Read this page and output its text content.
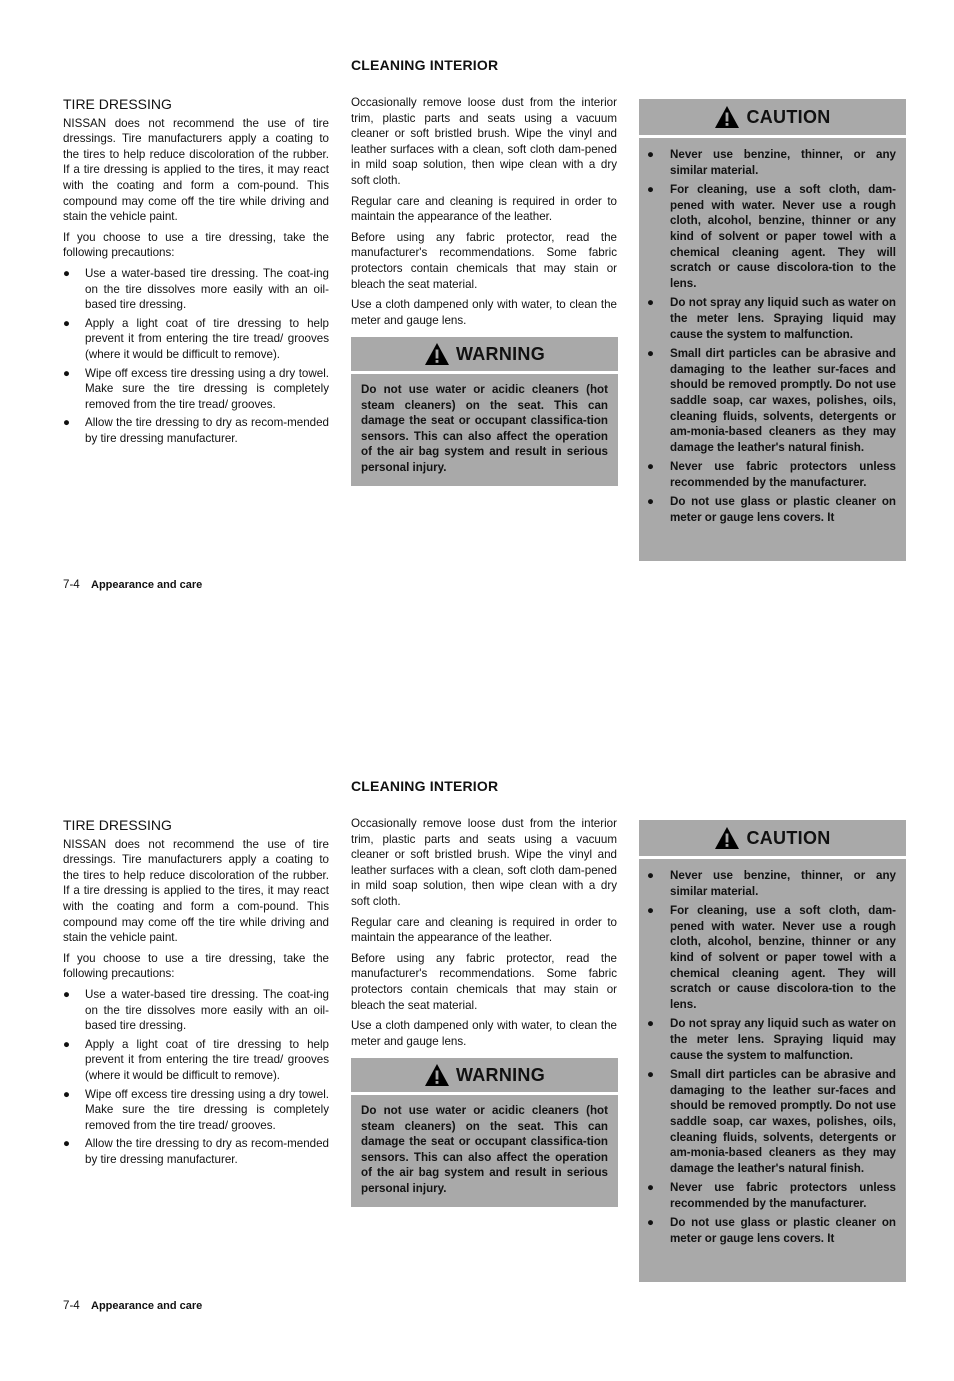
CLEANING INTERIOR
TIRE DRESSING

NISSAN does not recommend the use of tire dressings. Tire manufacturers apply a coating to the tires to help reduce discoloration of the rubber. If a tire dressing is applied to the tires, it may react with the coating and form a com-pound. This compound may come off the tire while driving and stain the vehicle paint.

If you choose to use a tire dressing, take the following precautions:

● Use a water-based tire dressing. The coat-ing on the tire dissolves more easily with an oil-based tire dressing.
● Apply a light coat of tire dressing to help prevent it from entering the tire tread/ grooves (where it would be difficult to remove).
● Wipe off excess tire dressing using a dry towel. Make sure the tire dressing is completely removed from the tire tread/ grooves.
● Allow the tire dressing to dry as recom-mended by tire dressing manufacturer.

Occasionally remove loose dust from the interior trim, plastic parts and seats using a vacuum cleaner or soft bristled brush. Wipe the vinyl and leather surfaces with a clean, soft cloth dam-pened in mild soap solution, then wipe clean with a dry soft cloth.

Regular care and cleaning is required in order to maintain the appearance of the leather.

Before using any fabric protector, read the manufacturer's recommendations. Some fabric protectors contain chemicals that may stain or bleach the seat material.

Use a cloth dampened only with water, to clean the meter and gauge lens.

WARNING
Do not use water or acidic cleaners (hot steam cleaners) on the seat. This can damage the seat or occupant classifica-tion sensors. This can also affect the operation of the air bag system and result in serious personal injury.
CAUTION
● Never use benzine, thinner, or any similar material.
● For cleaning, use a soft cloth, dam-pened with water. Never use a rough cloth, alcohol, benzine, thinner or any kind of solvent or paper towel with a chemical cleaning agent. They will scratch or cause discolora-tion to the lens.
● Do not spray any liquid such as water on the meter lens. Spraying liquid may cause the system to malfunction.
● Small dirt particles can be abrasive and damaging to the leather sur-faces and should be removed promptly. Do not use saddle soap, car waxes, polishes, oils, cleaning fluids, solvents, detergents or am-monia-based cleaners as they may damage the leather's natural finish.
● Never use fabric protectors unless recommended by the manufacturer.
● Do not use glass or plastic cleaner on meter or gauge lens covers. It
7-4 Appearance and care
CLEANING INTERIOR
TIRE DRESSING

NISSAN does not recommend the use of tire dressings. Tire manufacturers apply a coating to the tires to help reduce discoloration of the rubber. If a tire dressing is applied to the tires, it may react with the coating and form a com-pound. This compound may come off the tire while driving and stain the vehicle paint.

If you choose to use a tire dressing, take the following precautions:

● Use a water-based tire dressing. The coat-ing on the tire dissolves more easily with an oil-based tire dressing.
● Apply a light coat of tire dressing to help prevent it from entering the tire tread/ grooves (where it would be difficult to remove).
● Wipe off excess tire dressing using a dry towel. Make sure the tire dressing is completely removed from the tire tread/ grooves.
● Allow the tire dressing to dry as recom-mended by tire dressing manufacturer.

Occasionally remove loose dust from the interior trim, plastic parts and seats using a vacuum cleaner or soft bristled brush. Wipe the vinyl and leather surfaces with a clean, soft cloth dam-pened in mild soap solution, then wipe clean with a dry soft cloth.

Regular care and cleaning is required in order to maintain the appearance of the leather.

Before using any fabric protector, read the manufacturer's recommendations. Some fabric protectors contain chemicals that may stain or bleach the seat material.

Use a cloth dampened only with water, to clean the meter and gauge lens.

WARNING
Do not use water or acidic cleaners (hot steam cleaners) on the seat. This can damage the seat or occupant classifica-tion sensors. This can also affect the operation of the air bag system and result in serious personal injury.
CAUTION
● Never use benzine, thinner, or any similar material.
● For cleaning, use a soft cloth, dam-pened with water. Never use a rough cloth, alcohol, benzine, thinner or any kind of solvent or paper towel with a chemical cleaning agent. They will scratch or cause discolora-tion to the lens.
● Do not spray any liquid such as water on the meter lens. Spraying liquid may cause the system to malfunction.
● Small dirt particles can be abrasive and damaging to the leather sur-faces and should be removed promptly. Do not use saddle soap, car waxes, polishes, oils, cleaning fluids, solvents, detergents or am-monia-based cleaners as they may damage the leather's natural finish.
● Never use fabric protectors unless recommended by the manufacturer.
● Do not use glass or plastic cleaner on meter or gauge lens covers. It
7-4 Appearance and care
